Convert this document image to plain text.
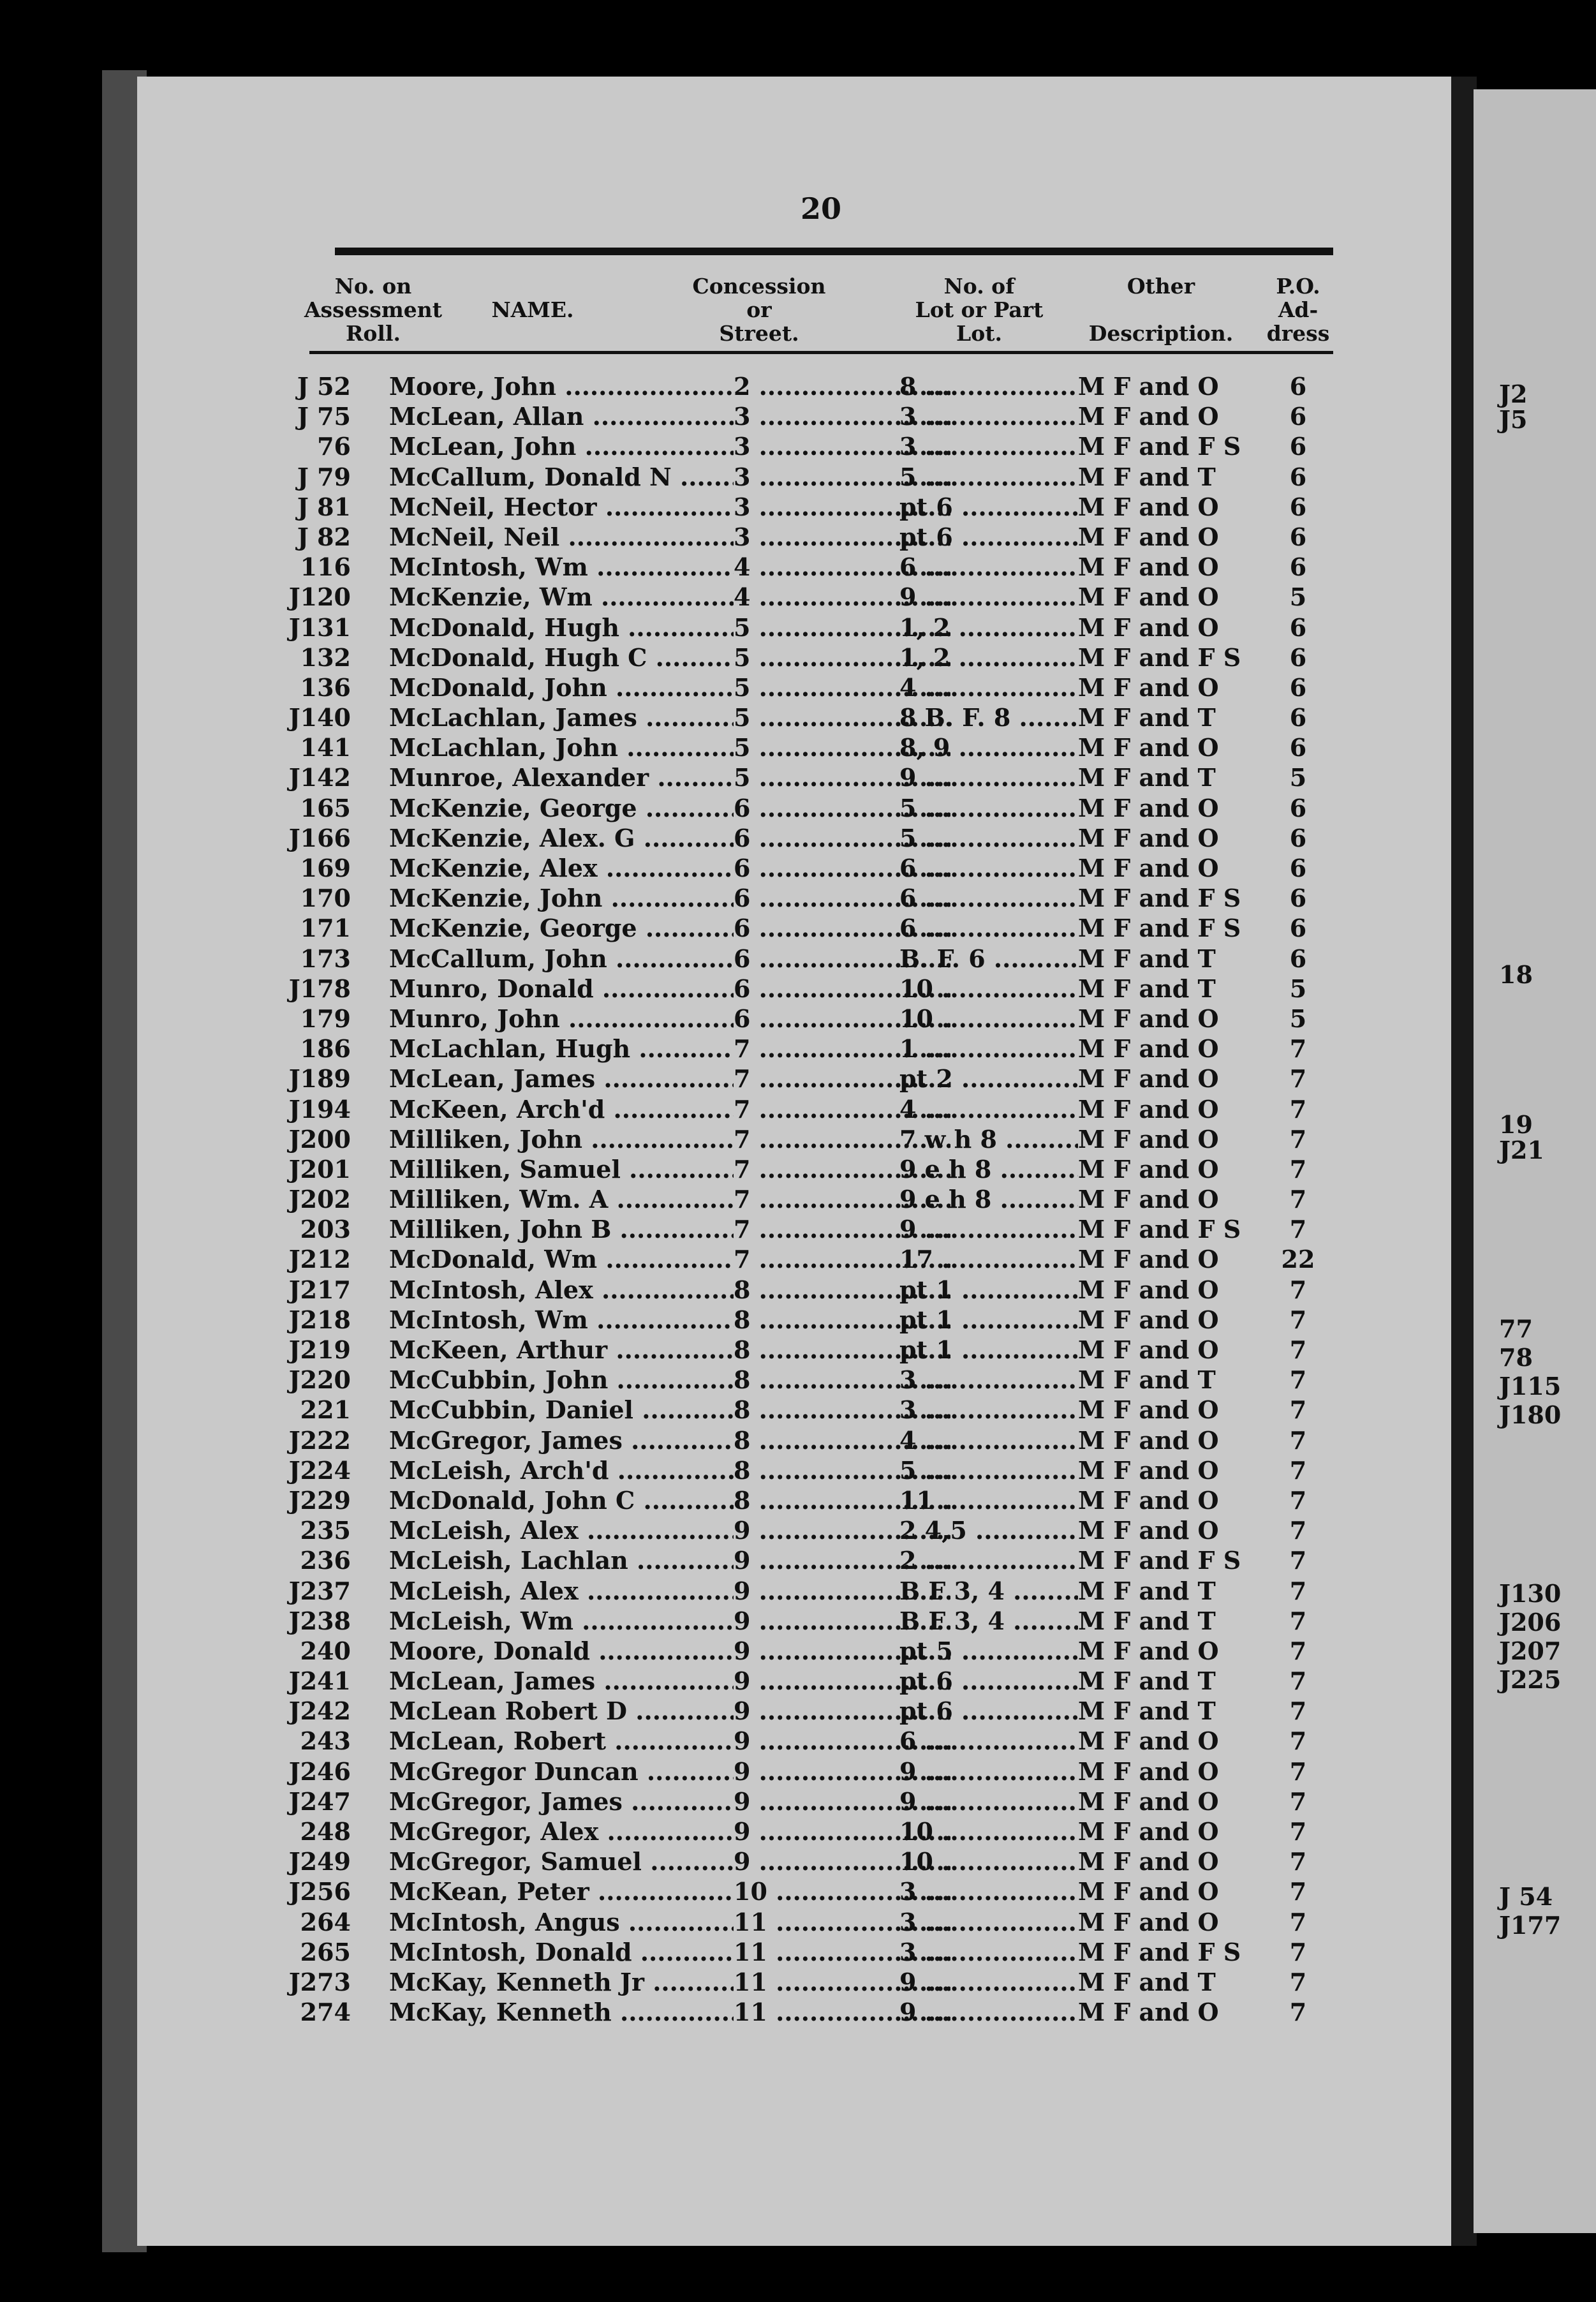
J2
J5
18
19
J21
77
78
J115
J180
J130
J206
J207
J225
J 54
J177
20
No. on
Assessment
Roll.
NAME.
Concession
or
Street.
No. of
Lot or Part
Lot.
Other
Description.
P.O.
Ad-
dress
J 52 Moore, John .....	2 .....	8 .....	M F and O	6
J 75 McLean, Allan .....	3 .....	3 .....	M F and O	6
76 McLean, John .....	3 .....	3 .....	M F and F S	6
J 79 McCallum, Donald N .....	3 .....	5 .....	M F and T	6
J 81 McNeil, Hector .....	3 .....	pt 6 .....	M F and O	6
J 82 McNeil, Neil .....	3 .....	pt 6 .....	M F and O	6
116 McIntosh, Wm .....	4 .....	6 .....	M F and O	6
J120 McKenzie, Wm .....	4 .....	9 .....	M F and O	5
J131 McDonald, Hugh .....	5 .....	1, 2 .....	M F and O	6
132 McDonald, Hugh C .....	5 .....	1, 2 .....	M F and F S	6
136 McDonald, John .....	5 .....	4 .....	M F and O	6
J140 McLachlan, James .....	5 .....	8 B. F. 8 .....	M F and T	6
141 McLachlan, John .....	5 .....	8, 9 .....	M F and O	6
J142 Munroe, Alexander .....	5 .....	9 .....	M F and T	5
165 McKenzie, George .....	6 .....	5 .....	M F and O	6
J166 McKenzie, Alex. G .....	6 .....	5 .....	M F and O	6
169 McKenzie, Alex .....	6 .....	6 .....	M F and O	6
170 McKenzie, John .....	6 .....	6 .....	M F and F S	6
171 McKenzie, George .....	6 .....	6 .....	M F and F S	6
173 McCallum, John .....	6 .....	B. F. 6 .....	M F and T	6
J178 Munro, Donald .....	6 .....	10 .....	M F and T	5
179 Munro, John .....	6 .....	10 .....	M F and O	5
186 McLachlan, Hugh .....	7 .....	1 .....	M F and O	7
J189 McLean, James .....	7 .....	pt 2 .....	M F and O	7
J194 McKeen, Arch'd .....	7 .....	4 .....	M F and O	7
J200 Milliken, John .....	7 .....	7 w h 8 .....	M F and O	7
J201 Milliken, Samuel .....	7 .....	9 e h 8 .....	M F and O	7
J202 Milliken, Wm. A .....	7 .....	9 e h 8 .....	M F and O	7
203 Milliken, John B .....	7 .....	9 .....	M F and F S	7
J212 McDonald, Wm .....	7 .....	17 .....	M F and O	22
J217 McIntosh, Alex .....	8 .....	pt 1 .....	M F and O	7
J218 McIntosh, Wm .....	8 .....	pt 1 .....	M F and O	7
J219 McKeen, Arthur .....	8 .....	pt 1 .....	M F and O	7
J220 McCubbin, John .....	8 .....	3 .....	M F and T	7
221 McCubbin, Daniel .....	8 .....	3 .....	M F and O	7
J222 McGregor, James .....	8 .....	4 .....	M F and O	7
J224 McLeish, Arch'd .....	8 .....	5 .....	M F and O	7
J229 McDonald, John C .....	8 .....	11 .....	M F and O	7
235 McLeish, Alex .....	9 .....	2 4,5 .....	M F and O	7
236 McLeish, Lachlan .....	9 .....	2 .....	M F and F S	7
J237 McLeish, Alex .....	9 .....	B F 3, 4 .....	M F and T	7
J238 McLeish, Wm .....	9 .....	B F 3, 4 .....	M F and T	7
240 Moore, Donald .....	9 .....	pt 5 .....	M F and O	7
J241 McLean, James .....	9 .....	pt 6 .....	M F and T	7
J242 McLean Robert D .....	9 .....	pt 6 .....	M F and T	7
243 McLean, Robert .....	9 .....	6 .....	M F and O	7
J246 McGregor Duncan .....	9 .....	9 .....	M F and O	7
J247 McGregor, James .....	9 .....	9 .....	M F and O	7
248 McGregor, Alex .....	9 .....	10 .....	M F and O	7
J249 McGregor, Samuel .....	9 .....	10 .....	M F and O	7
J256 McKean, Peter .....	10 .....	3 .....	M F and O	7
264 McIntosh, Angus .....	11 .....	3 .....	M F and O	7
265 McIntosh, Donald .....	11 .....	3 .....	M F and F S	7
J273 McKay, Kenneth Jr .....	11 .....	9 .....	M F and T	7
274 McKay, Kenneth .....	11 .....	9 .....	M F and O	7
